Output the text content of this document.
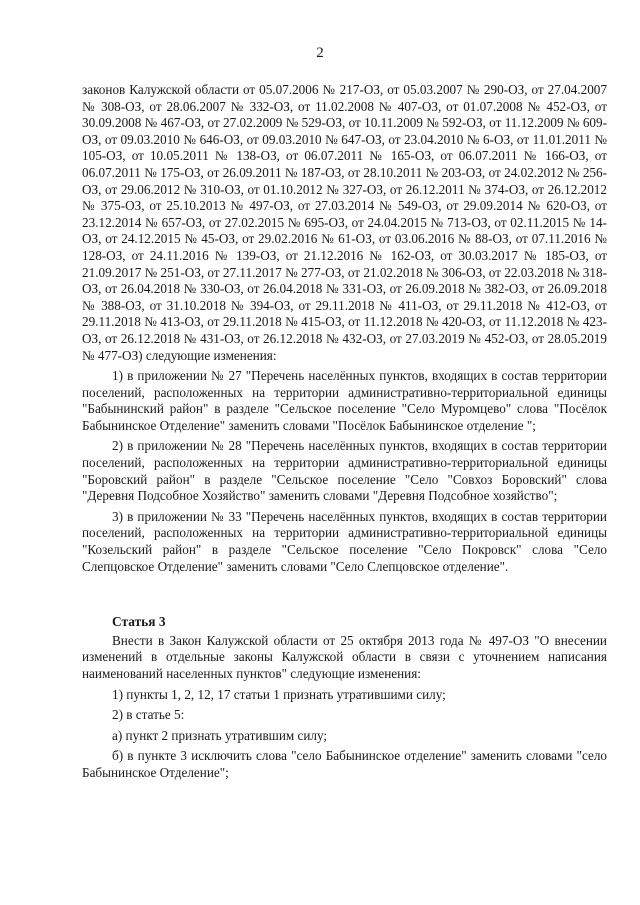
2

законов Калужской области от 05.07.2006 № 217-ОЗ, от 05.03.2007 № 290-ОЗ, от 27.04.2007 № 308-ОЗ, от 28.06.2007 № 332-ОЗ, от 11.02.2008 № 407-ОЗ, от 01.07.2008 № 452-ОЗ, от 30.09.2008 № 467-ОЗ, от 27.02.2009 № 529-ОЗ, от 10.11.2009 № 592-ОЗ, от 11.12.2009 № 609-ОЗ, от 09.03.2010 № 646-ОЗ, от 09.03.2010 № 647-ОЗ, от 23.04.2010 № 6-ОЗ, от 11.01.2011 № 105-ОЗ, от 10.05.2011 № 138-ОЗ, от 06.07.2011 № 165-ОЗ, от 06.07.2011 № 166-ОЗ, от 06.07.2011 № 175-ОЗ, от 26.09.2011 № 187-ОЗ, от 28.10.2011 № 203-ОЗ, от 24.02.2012 № 256-ОЗ, от 29.06.2012 № 310-ОЗ, от 01.10.2012 № 327-ОЗ, от 26.12.2011 № 374-ОЗ, от 26.12.2012 № 375-ОЗ, от 25.10.2013 № 497-ОЗ, от 27.03.2014 № 549-ОЗ, от 29.09.2014 № 620-ОЗ, от 23.12.2014 № 657-ОЗ, от 27.02.2015 № 695-ОЗ, от 24.04.2015 № 713-ОЗ, от 02.11.2015 № 14-ОЗ, от 24.12.2015 № 45-ОЗ, от 29.02.2016 № 61-ОЗ, от 03.06.2016 № 88-ОЗ, от 07.11.2016 № 128-ОЗ, от 24.11.2016 № 139-ОЗ, от 21.12.2016 № 162-ОЗ, от 30.03.2017 № 185-ОЗ, от 21.09.2017 № 251-ОЗ, от 27.11.2017 № 277-ОЗ, от 21.02.2018 № 306-ОЗ, от 22.03.2018 № 318-ОЗ, от 26.04.2018 № 330-ОЗ, от 26.04.2018 № 331-ОЗ, от 26.09.2018 № 382-ОЗ, от 26.09.2018 № 388-ОЗ, от 31.10.2018 № 394-ОЗ, от 29.11.2018 № 411-ОЗ, от 29.11.2018 № 412-ОЗ, от 29.11.2018 № 413-ОЗ, от 29.11.2018 № 415-ОЗ, от 11.12.2018 № 420-ОЗ, от 11.12.2018 № 423-ОЗ, от 26.12.2018 № 431-ОЗ, от 26.12.2018 № 432-ОЗ, от 27.03.2019 № 452-ОЗ, от 28.05.2019 № 477-ОЗ) следующие изменения:

1) в приложении № 27 "Перечень населённых пунктов, входящих в состав территории поселений, расположенных на территории административно-территориальной единицы "Бабынинский район" в разделе "Сельское поселение "Село Муромцево" слова "Посёлок Бабынинское Отделение" заменить словами "Посёлок Бабынинское отделение ";

2) в приложении № 28 "Перечень населённых пунктов, входящих в состав территории поселений, расположенных на территории административно-территориальной единицы "Боровский район" в разделе "Сельское поселение "Село "Совхоз Боровский" слова "Деревня Подсобное Хозяйство" заменить словами "Деревня Подсобное хозяйство";

3) в приложении № 33 "Перечень населённых пунктов, входящих в состав территории поселений, расположенных на территории административно-территориальной единицы "Козельский район" в разделе "Сельское поселение "Село Покровск" слова "Село Слепцовское Отделение" заменить словами "Село Слепцовское отделение".

Статья 3

Внести в Закон Калужской области от 25 октября 2013 года № 497-ОЗ "О внесении изменений в отдельные законы Калужской области в связи с уточнением написания наименований населенных пунктов" следующие изменения:

1) пункты 1, 2, 12, 17 статьи 1 признать утратившими силу;

2) в статье 5:

а) пункт 2 признать утратившим силу;

б) в пункте 3 исключить слова "село Бабынинское отделение" заменить словами "село Бабынинское Отделение";
